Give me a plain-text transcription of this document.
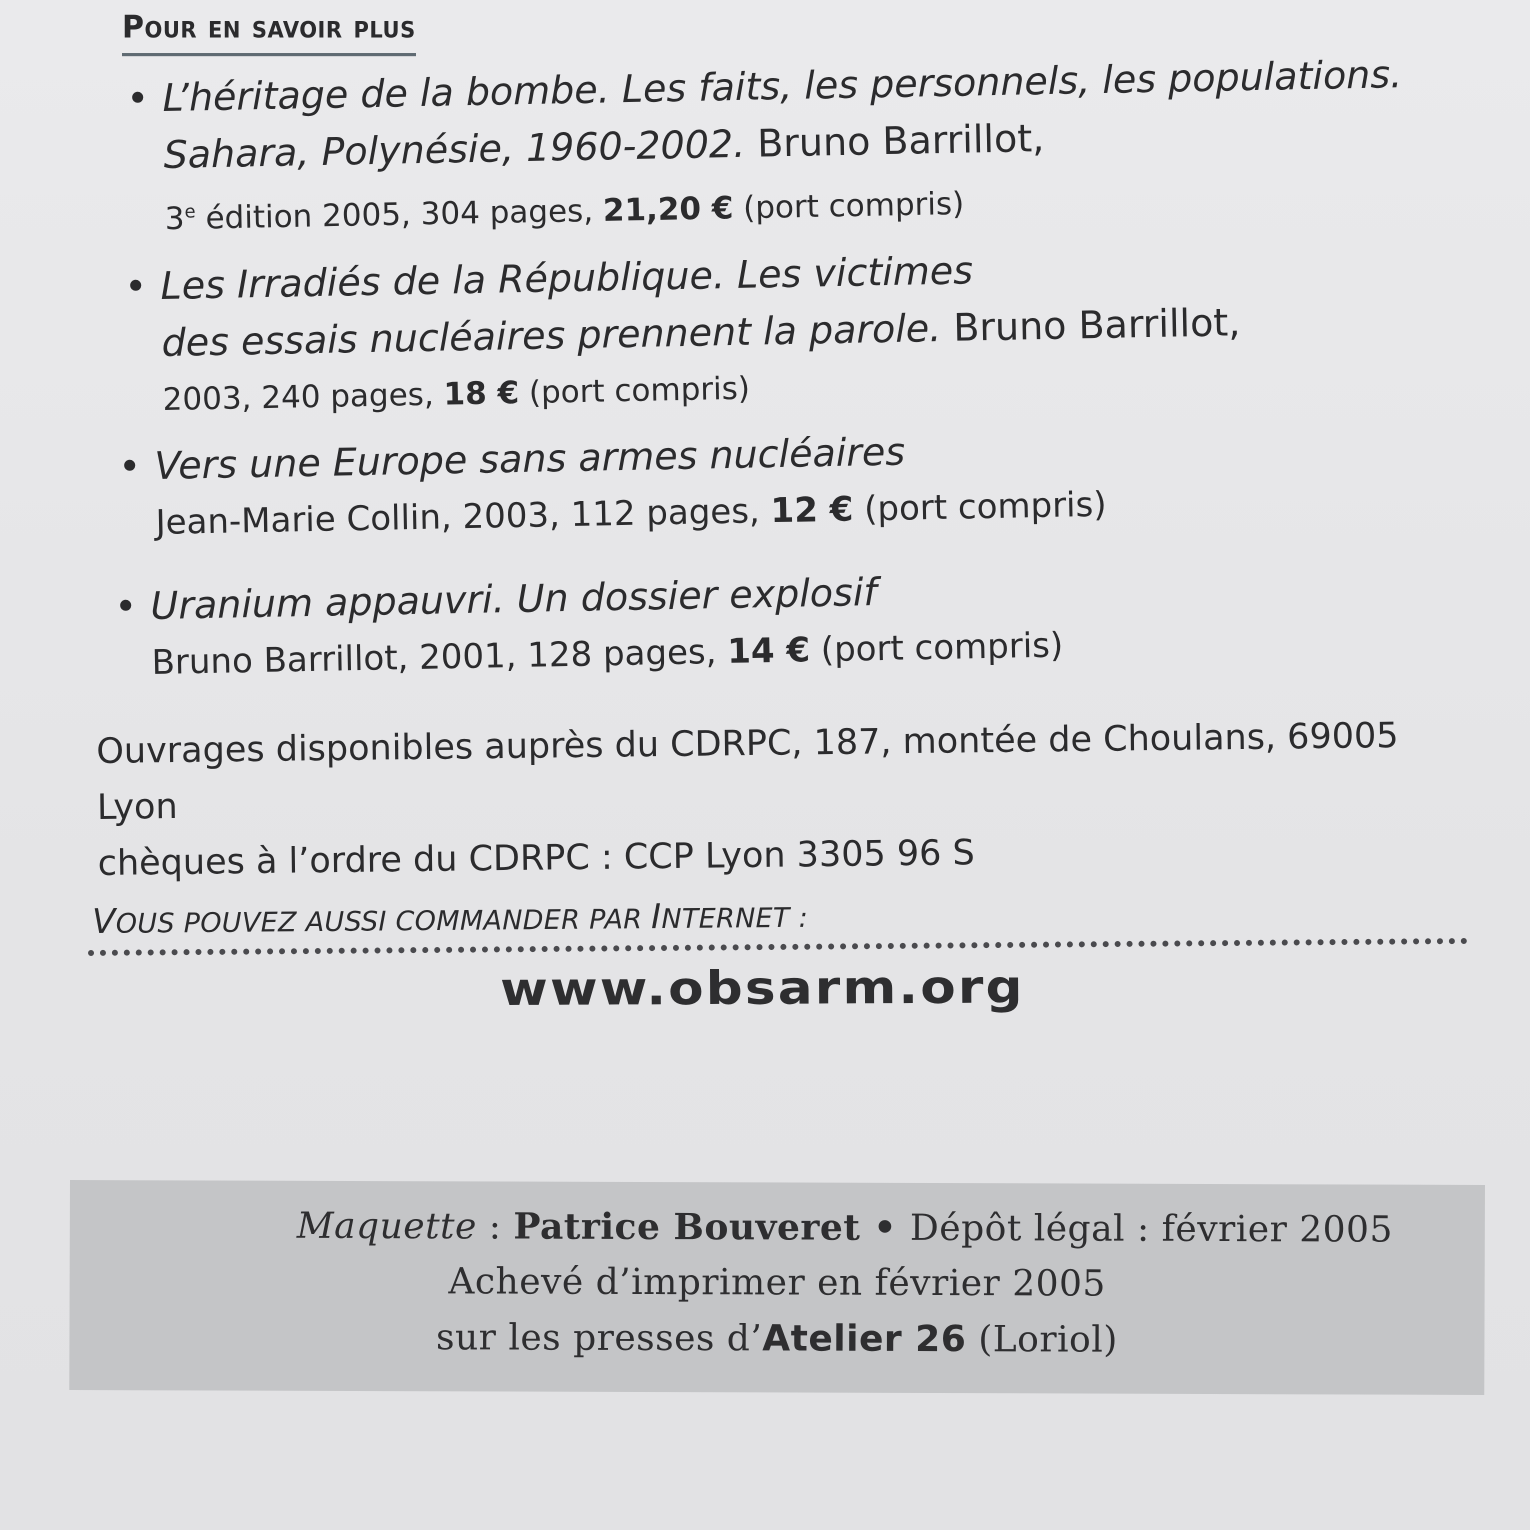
Pour en savoir plus
• L’héritage de la bombe. Les faits, les personnels, les populations.
Sahara, Polynésie, 1960-2002. Bruno Barrillot,
3e édition 2005, 304 pages, 21,20 € (port compris)
• Les Irradiés de la République. Les victimes
des essais nucléaires prennent la parole. Bruno Barrillot,
2003, 240 pages, 18 € (port compris)
• Vers une Europe sans armes nucléaires
Jean-Marie Collin, 2003, 112 pages, 12 € (port compris)
• Uranium appauvri. Un dossier explosif
Bruno Barrillot, 2001, 128 pages, 14 € (port compris)
Ouvrages disponibles auprès du CDRPC, 187, montée de Choulans, 69005 Lyon
chèques à l’ordre du CDRPC : CCP Lyon 3305 96 S
VOUS POUVEZ AUSSI COMMANDER PAR INTERNET :
www.obsarm.org
Maquette : Patrice Bouveret • Dépôt légal : février 2005
Achevé d’imprimer en février 2005
sur les presses d’Atelier 26 (Loriol)
